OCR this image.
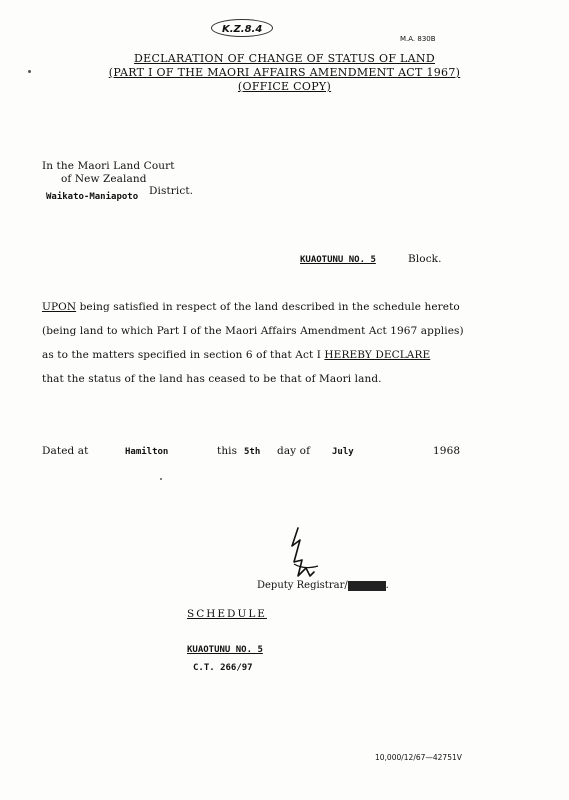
K.Z.8.4
M.A. 830B
DECLARATION OF CHANGE OF STATUS OF LAND
(PART I OF THE MAORI AFFAIRS AMENDMENT ACT 1967)
(OFFICE COPY)
In the Maori Land Court
of New Zealand
Waikato-Maniapoto District.
KUAOTUNU NO. 5	Block.
UPON being satisfied in respect of the land described in the schedule hereto
(being land to which Part I of the Maori Affairs Amendment Act 1967 applies)
as to the matters specified in section 6 of that Act I HEREBY DECLARE
that the status of the land has ceased to be that of Maori land.
Dated at	Hamilton	this 5th day of July	1968
Deputy Registrar/XXXXXXX.
SCHEDULE
KUAOTUNU NO. 5
C.T. 266/97
10,000/12/67—42751V
